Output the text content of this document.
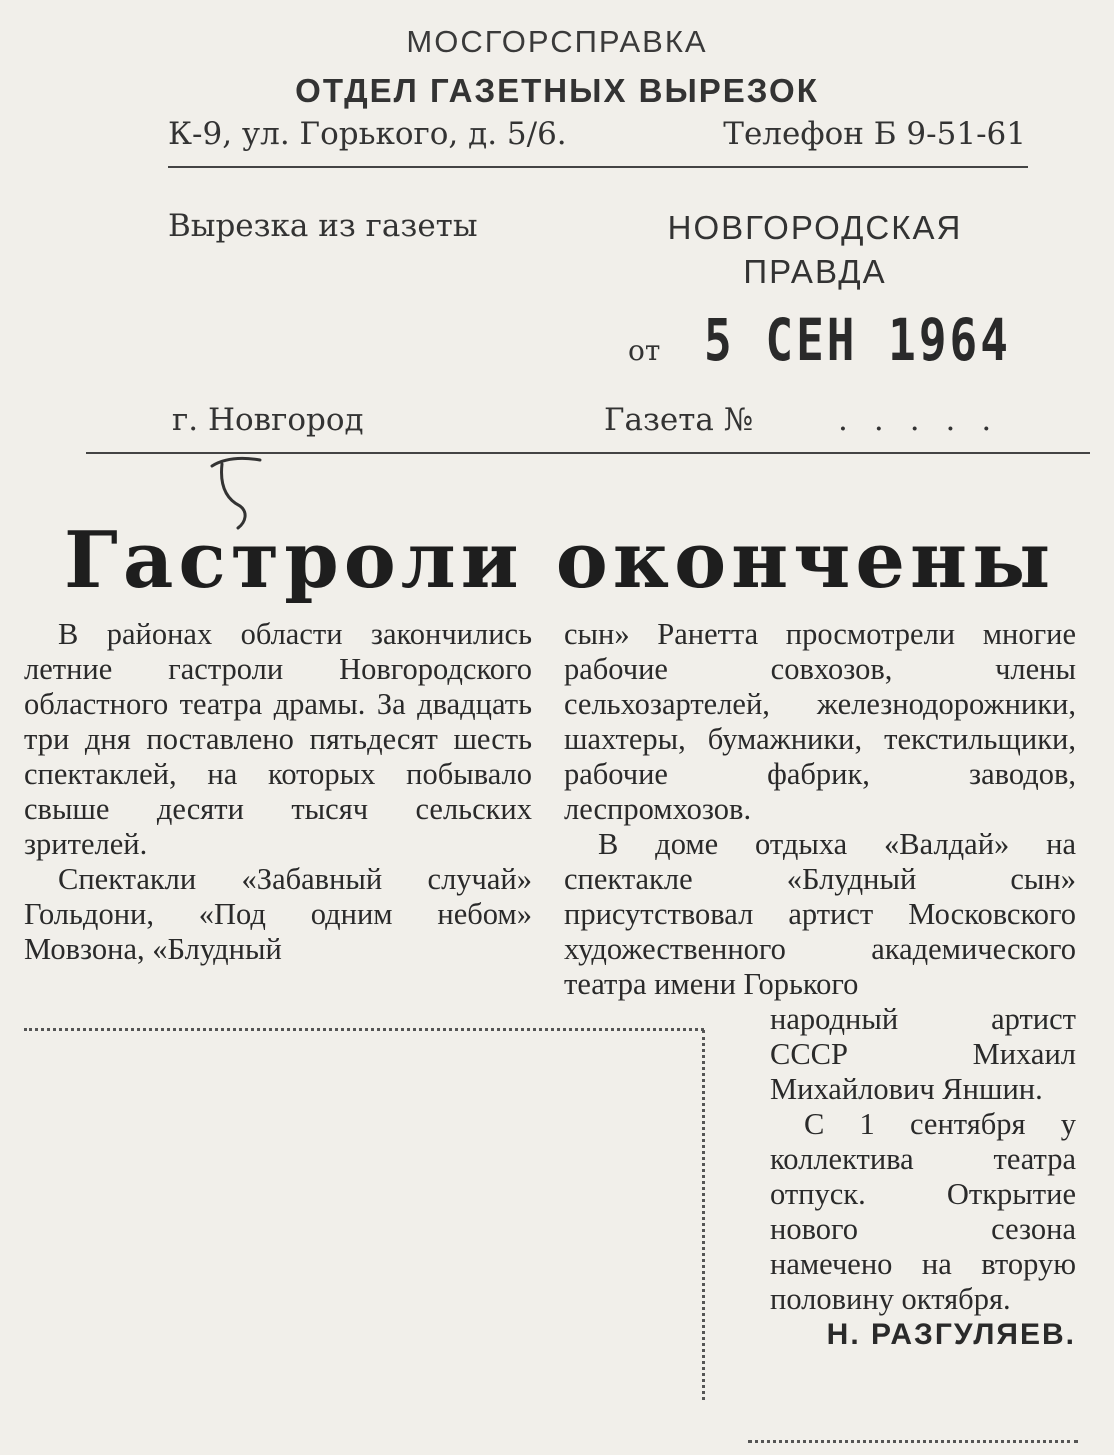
МОСГОРСПРАВКА
ОТДЕЛ ГАЗЕТНЫХ ВЫРЕЗОК
К-9, ул. Горького, д. 5/6.	Телефон Б 9-51-61
Вырезка из газеты	НОВГОРОДСКАЯ ПРАВДА
от 5 СЕН 1964
г. Новгород	Газета №	.....
Гастроли окончены

В районах области закончились летние гастроли Новгородского областного театра драмы. За двадцать три дня поставлено пятьдесят шесть спектаклей, на которых побывало свыше десяти тысяч сельских зрителей.

Спектакли «Забавный случай» Гольдони, «Под одним небом» Мовзона, «Блудный

сын» Ранетта просмотрели многие рабочие совхозов, члены сельхозартелей, железнодорожники, шахтеры, бумажники, текстильщики, рабочие фабрик, заводов, леспромхозов.

В доме отдыха «Валдай» на спектакле «Блудный сын» присутствовал артист Московского художественного академического театра имени Горького

народный артист СССР Михаил Михайлович Яншин.

С 1 сентября у коллектива театра отпуск. Открытие нового сезона намечено на вторую половину октября.

Н. РАЗГУЛЯЕВ.
